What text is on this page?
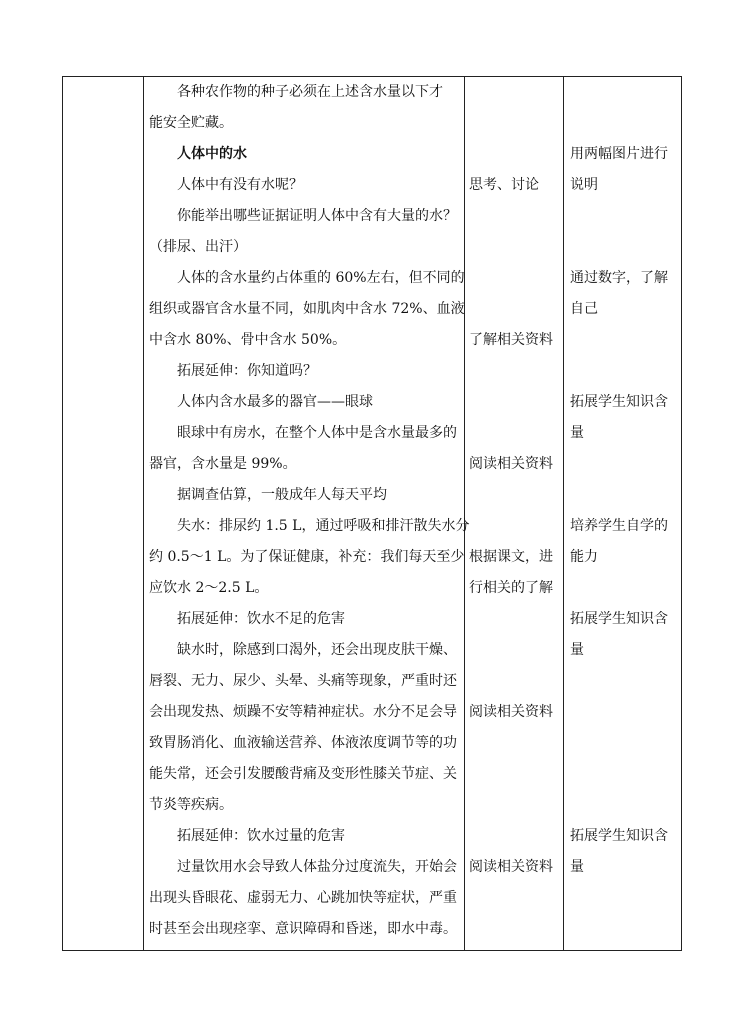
各种农作物的种子必须在上述含水量以下才
能安全贮藏。
人体中的水
人体中有没有水呢？
你能举出哪些证据证明人体中含有大量的水？
（排尿、出汗）
人体的含水量约占体重的 60%左右，但不同的
组织或器官含水量不同，如肌肉中含水 72%、血液
中含水 80%、骨中含水 50%。
拓展延伸：你知道吗？
人体内含水最多的器官——眼球
眼球中有房水，在整个人体中是含水量最多的
器官，含水量是 99%。
据调查估算，一般成年人每天平均
失水：排尿约 1.5 L，通过呼吸和排汗散失水分
约 0.5～1 L。为了保证健康，补充：我们每天至少
应饮水 2～2.5 L。
拓展延伸：饮水不足的危害
缺水时，除感到口渴外，还会出现皮肤干燥、
唇裂、无力、尿少、头晕、头痛等现象，严重时还
会出现发热、烦躁不安等精神症状。水分不足会导
致胃肠消化、血液输送营养、体液浓度调节等的功
能失常，还会引发腰酸背痛及变形性膝关节症、关
节炎等疾病。
拓展延伸：饮水过量的危害
过量饮用水会导致人体盐分过度流失，开始会
出现头昏眼花、虚弱无力、心跳加快等症状，严重
时甚至会出现痉挛、意识障碍和昏迷，即水中毒。
思考、讨论
了解相关资料
阅读相关资料
根据课文，进
行相关的了解
阅读相关资料
阅读相关资料
用两幅图片进行
说明
通过数字，了解
自己
拓展学生知识含
量
培养学生自学的
能力
拓展学生知识含
量
拓展学生知识含
量
